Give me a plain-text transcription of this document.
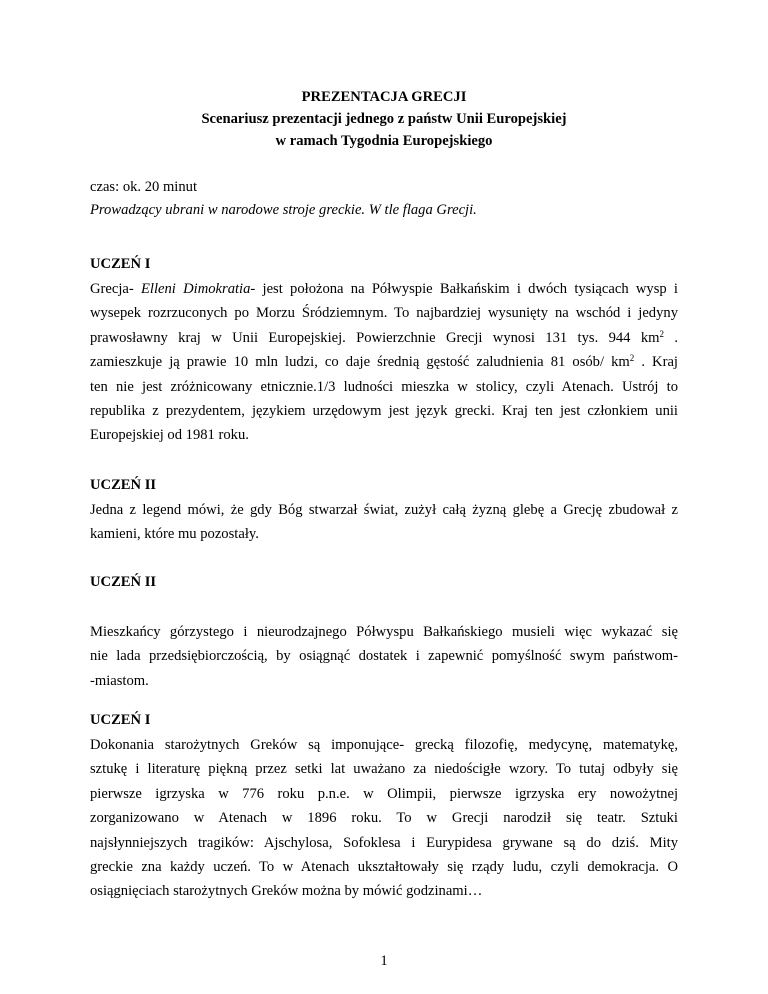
PREZENTACJA GRECJI
Scenariusz prezentacji jednego z państw Unii Europejskiej
w ramach Tygodnia Europejskiego
czas: ok. 20 minut
Prowadzący ubrani w narodowe stroje greckie. W tle flaga Grecji.
UCZEŃ I
Grecja- Elleni Dimokratia- jest położona na Półwyspie Bałkańskim i dwóch tysiącach wysp i
wysepek rozrzuconych po Morzu Śródziemnym. To najbardziej wysunięty na wschód i jedyny
prawosławny kraj w Unii Europejskiej. Powierzchnie Grecji wynosi 131 tys. 944 $km^2$ .
zamieszkuje ją prawie 10 mln ludzi, co daje średnią gęstość zaludnienia 81 osób/ $km^2$ . Kraj
ten nie jest zróżnicowany etnicznie.1/3 ludności mieszka w stolicy, czyli Atenach. Ustrój to
republika z prezydentem, językiem urzędowym jest język grecki. Kraj ten jest członkiem unii
Europejskiej od 1981 roku.
UCZEŃ II
Jedna z legend mówi, że gdy Bóg stwarzał świat, zużył całą żyzną glebę a Grecję zbudował z
kamieni, które mu pozostały.
UCZEŃ II
Mieszkańcy górzystego i nieurodzajnego Półwyspu Bałkańskiego musieli więc wykazać się
nie lada przedsiębiorczością, by osiągnąć dostatek i zapewnić pomyślność swym państwom-
-miastom.
UCZEŃ I
Dokonania starożytnych Greków są imponujące- grecką filozofię, medycynę, matematykę,
sztukę i literaturę piękną przez setki lat uważano za niedościgłe wzory. To tutaj odbyły się
pierwsze igrzyska w 776 roku p.n.e. w Olimpii, pierwsze igrzyska ery nowożytnej
zorganizowano w Atenach w 1896 roku. To w Grecji narodził się teatr. Sztuki
najsłynniejszych tragików: Ajschylosa, Sofoklesa i Eurypidesa grywane są do dziś. Mity
greckie zna każdy uczeń. To w Atenach ukształtowały się rządy ludu, czyli demokracja. O
osiągnięciach starożytnych Greków można by mówić godzinami…
1
